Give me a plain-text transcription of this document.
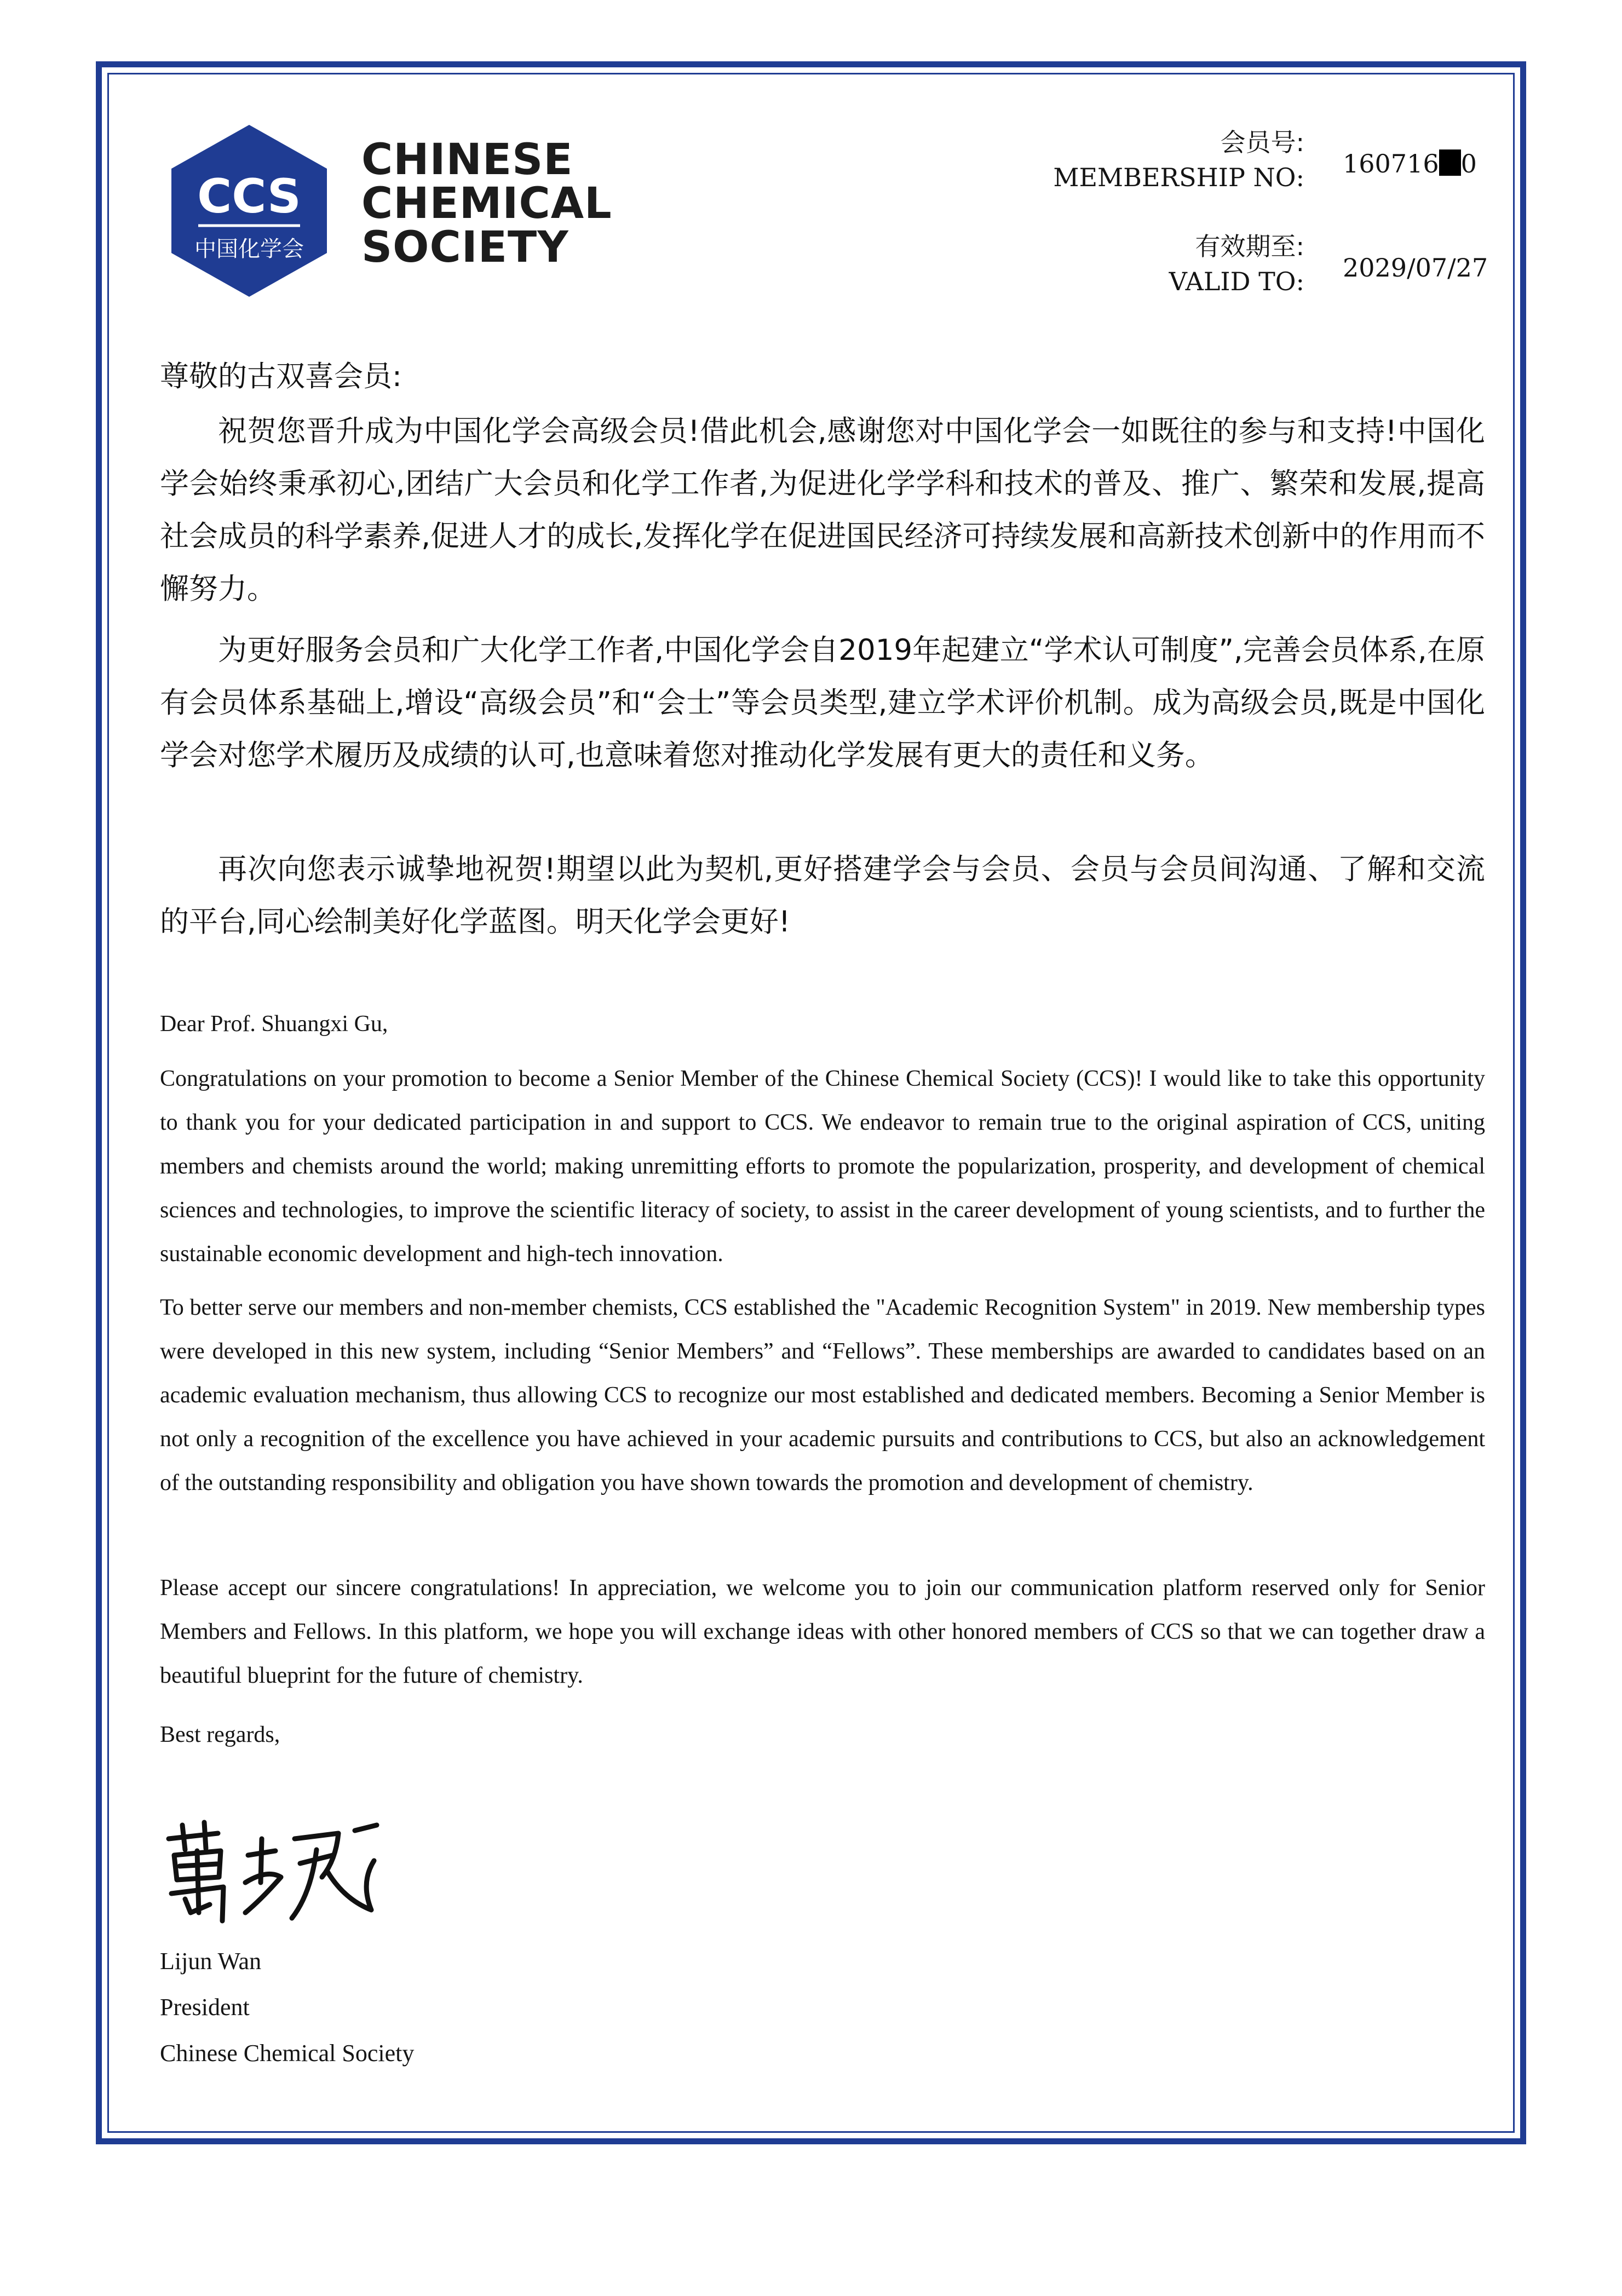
CCS
中国化学会
CHINESE
CHEMICAL
SOCIETY
会员号:
MEMBERSHIP NO: 160716 0
有效期至:
VALID TO: 2029/07/27
尊敬的古双喜会员:

祝贺您晋升成为中国化学会高级会员!借此机会,感谢您对中国化学会一如既往的参与和支持!中国化学会始终秉承初心,团结广大会员和化学工作者,为促进化学学科和技术的普及、推广、繁荣和发展,提高社会成员的科学素养,促进人才的成长,发挥化学在促进国民经济可持续发展和高新技术创新中的作用而不懈努力。

为更好服务会员和广大化学工作者,中国化学会自2019年起建立“学术认可制度”,完善会员体系,在原有会员体系基础上,增设“高级会员”和“会士”等会员类型,建立学术评价机制。成为高级会员,既是中国化学会对您学术履历及成绩的认可,也意味着您对推动化学发展有更大的责任和义务。

再次向您表示诚挚地祝贺!期望以此为契机,更好搭建学会与会员、会员与会员间沟通、了解和交流的平台,同心绘制美好化学蓝图。明天化学会更好!

Dear Prof. Shuangxi Gu,

Congratulations on your promotion to become a Senior Member of the Chinese Chemical Society (CCS)! I would like to take this opportunity to thank you for your dedicated participation in and support to CCS. We endeavor to remain true to the original aspiration of CCS, uniting members and chemists around the world; making unremitting efforts to promote the popularization, prosperity, and development of chemical sciences and technologies, to improve the scientific literacy of society, to assist in the career development of young scientists, and to further the sustainable economic development and high-tech innovation.

To better serve our members and non-member chemists, CCS established the "Academic Recognition System" in 2019. New membership types were developed in this new system, including “Senior Members” and “Fellows”. These memberships are awarded to candidates based on an academic evaluation mechanism, thus allowing CCS to recognize our most established and dedicated members. Becoming a Senior Member is not only a recognition of the excellence you have achieved in your academic pursuits and contributions to CCS, but also an acknowledgement of the outstanding responsibility and obligation you have shown towards the promotion and development of chemistry.

Please accept our sincere congratulations! In appreciation, we welcome you to join our communication platform reserved only for Senior Members and Fellows. In this platform, we hope you will exchange ideas with other honored members of CCS so that we can together draw a beautiful blueprint for the future of chemistry.

Best regards,
Lijun Wan
President
Chinese Chemical Society
